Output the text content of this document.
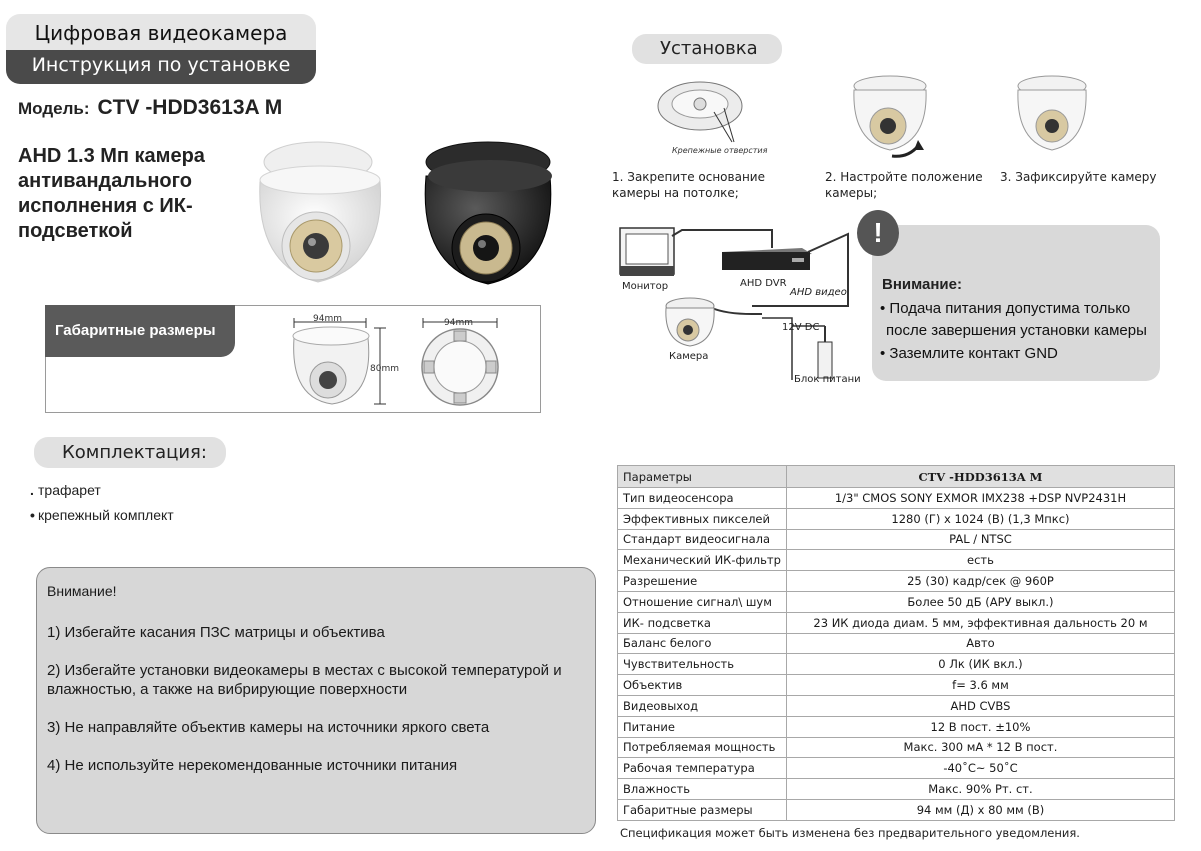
Цифровая видеокамера
Инструкция по установке
Модель: CTV -HDD3613A M
AHD 1.3 Мп камера антивандального исполнения с ИК-подсветкой
Габаритные размеры
94mm
80mm
94mm
Комплектация:
. трафарет
• крепежный комплект

Внимание!

1) Избегайте касания ПЗС матрицы и объектива

2) Избегайте установки видеокамеры в местах с высокой температурой и влажностью, а также на вибрирующие поверхности

3) Не направляйте объектив камеры на источники яркого света

4) Не используйте нерекомендованные источники питания

Установка
Крепежные отверстия
1. Закрепите основание камеры на потолке;
2. Настройте положение камеры;
3. Зафиксируйте камеру
Монитор	AHD DVR
AHD видео
12V DC
Камера
Блок питани
!
Внимание:
• Подача питания допустима только
после завершения установки камеры
• Заземлите контакт GND
Параметры	CTV -HDD3613A M
Тип видеосенсора	1/3" CMOS SONY EXMOR IMX238 +DSP NVP2431H
Эффективных пикселей	1280 (Г) x 1024 (В) (1,3 Мпкс)
Стандарт видеосигнала	PAL / NTSC
Механический ИК-фильтр	есть
Разрешение	25 (30) кадр/сек @ 960Р
Отношение сигнал\ шум	Более 50 дБ (АРУ выкл.)
ИК- подсветка	23 ИК диода диам. 5 мм, эффективная дальность 20 м
Баланс белого	Авто
Чувствительность	0 Лк (ИК вкл.)
Объектив	f= 3.6 мм
Видеовыход	AHD CVBS
Питание	12 В пост. ±10%
Потребляемая мощность	Макс. 300 мА * 12 В пост.
Рабочая температура	-40˚С~ 50˚С
Влажность	Макс. 90% Рт. ст.
Габаритные размеры	94 мм (Д) x 80 мм (В)
Спецификация может быть изменена без предварительного уведомления.
